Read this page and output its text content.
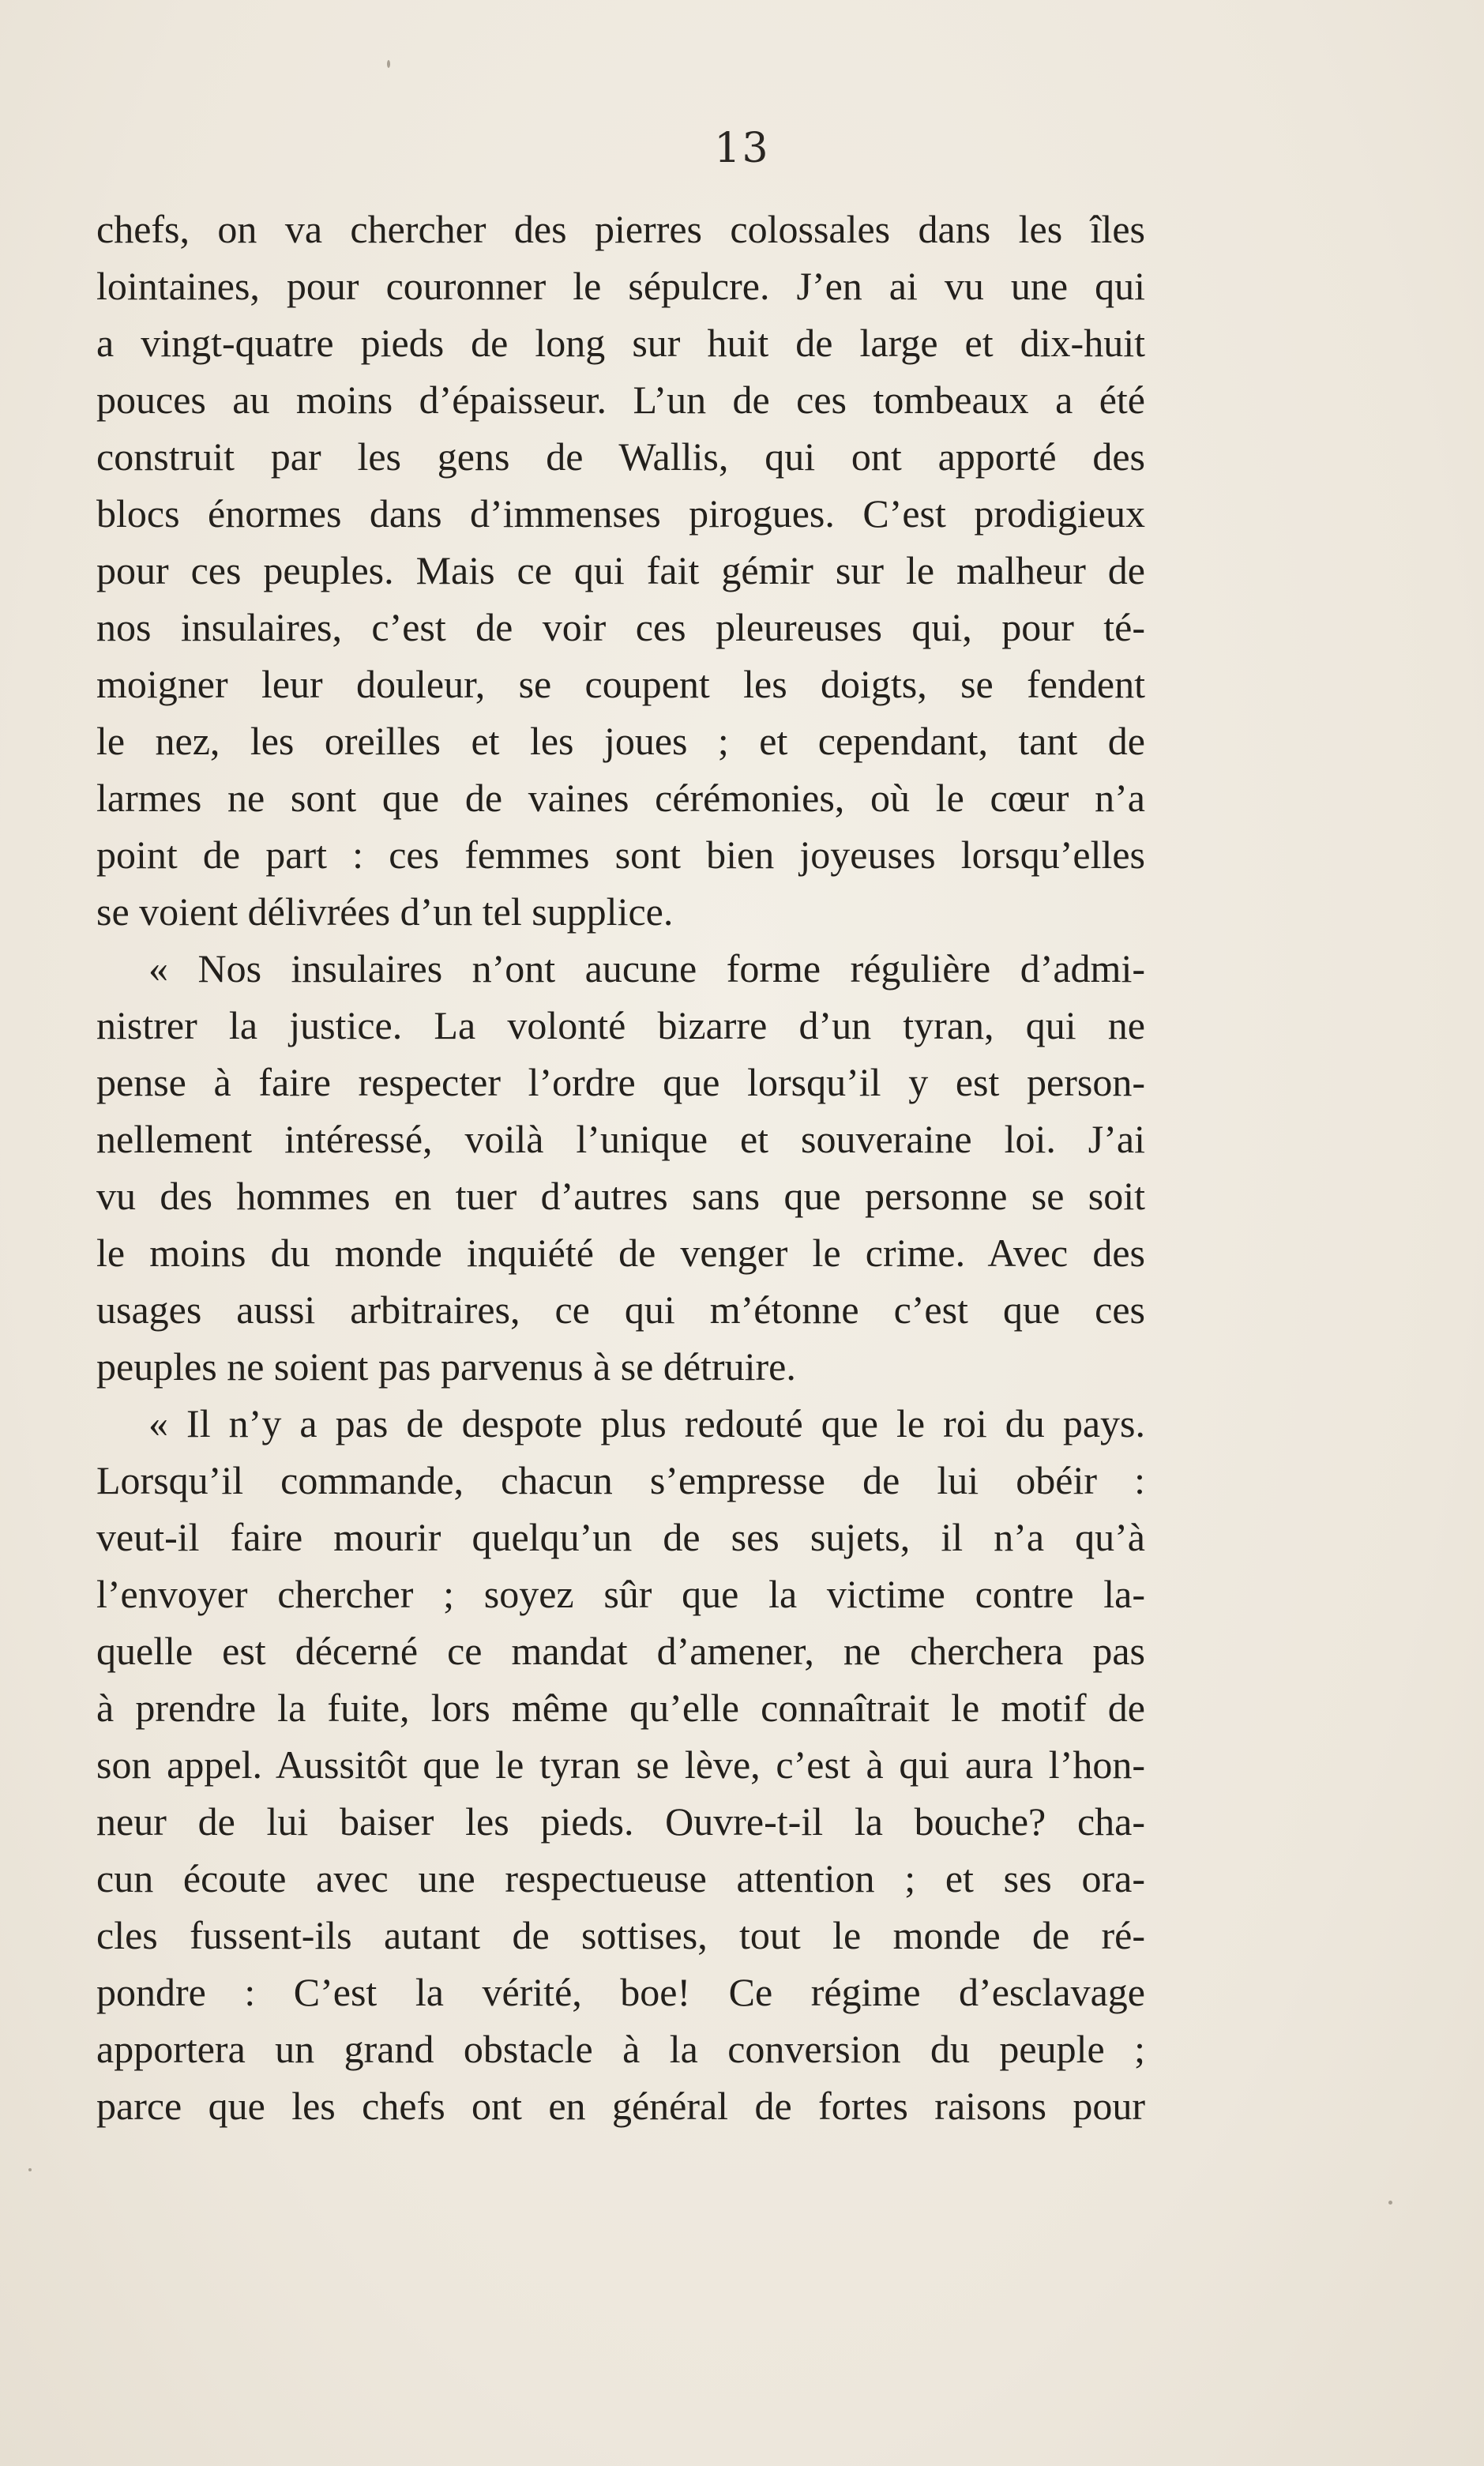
13
chefs, on va chercher des pierres colossales dans les îles
lointaines, pour couronner le sépulcre. J’en ai vu une qui
a vingt-quatre pieds de long sur huit de large et dix-huit
pouces au moins d’épaisseur. L’un de ces tombeaux a été
construit par les gens de Wallis, qui ont apporté des
blocs énormes dans d’immenses pirogues. C’est prodigieux
pour ces peuples. Mais ce qui fait gémir sur le malheur de
nos insulaires, c’est de voir ces pleureuses qui, pour té-
moigner leur douleur, se coupent les doigts, se fendent
le nez, les oreilles et les joues ; et cependant, tant de
larmes ne sont que de vaines cérémonies, où le cœur n’a
point de part : ces femmes sont bien joyeuses lorsqu’elles
se voient délivrées d’un tel supplice.
« Nos insulaires n’ont aucune forme régulière d’admi-
nistrer la justice. La volonté bizarre d’un tyran, qui ne
pense à faire respecter l’ordre que lorsqu’il y est person-
nellement intéressé, voilà l’unique et souveraine loi. J’ai
vu des hommes en tuer d’autres sans que personne se soit
le moins du monde inquiété de venger le crime. Avec des
usages aussi arbitraires, ce qui m’étonne c’est que ces
peuples ne soient pas parvenus à se détruire.
« Il n’y a pas de despote plus redouté que le roi du pays.
Lorsqu’il commande, chacun s’empresse de lui obéir :
veut-il faire mourir quelqu’un de ses sujets, il n’a qu’à
l’envoyer chercher ; soyez sûr que la victime contre la-
quelle est décerné ce mandat d’amener, ne cherchera pas
à prendre la fuite, lors même qu’elle connaîtrait le motif de
son appel. Aussitôt que le tyran se lève, c’est à qui aura l’hon-
neur de lui baiser les pieds. Ouvre-t-il la bouche? cha-
cun écoute avec une respectueuse attention ; et ses ora-
cles fussent-ils autant de sottises, tout le monde de ré-
pondre : C’est la vérité, boe! Ce régime d’esclavage
apportera un grand obstacle à la conversion du peuple ;
parce que les chefs ont en général de fortes raisons pour
